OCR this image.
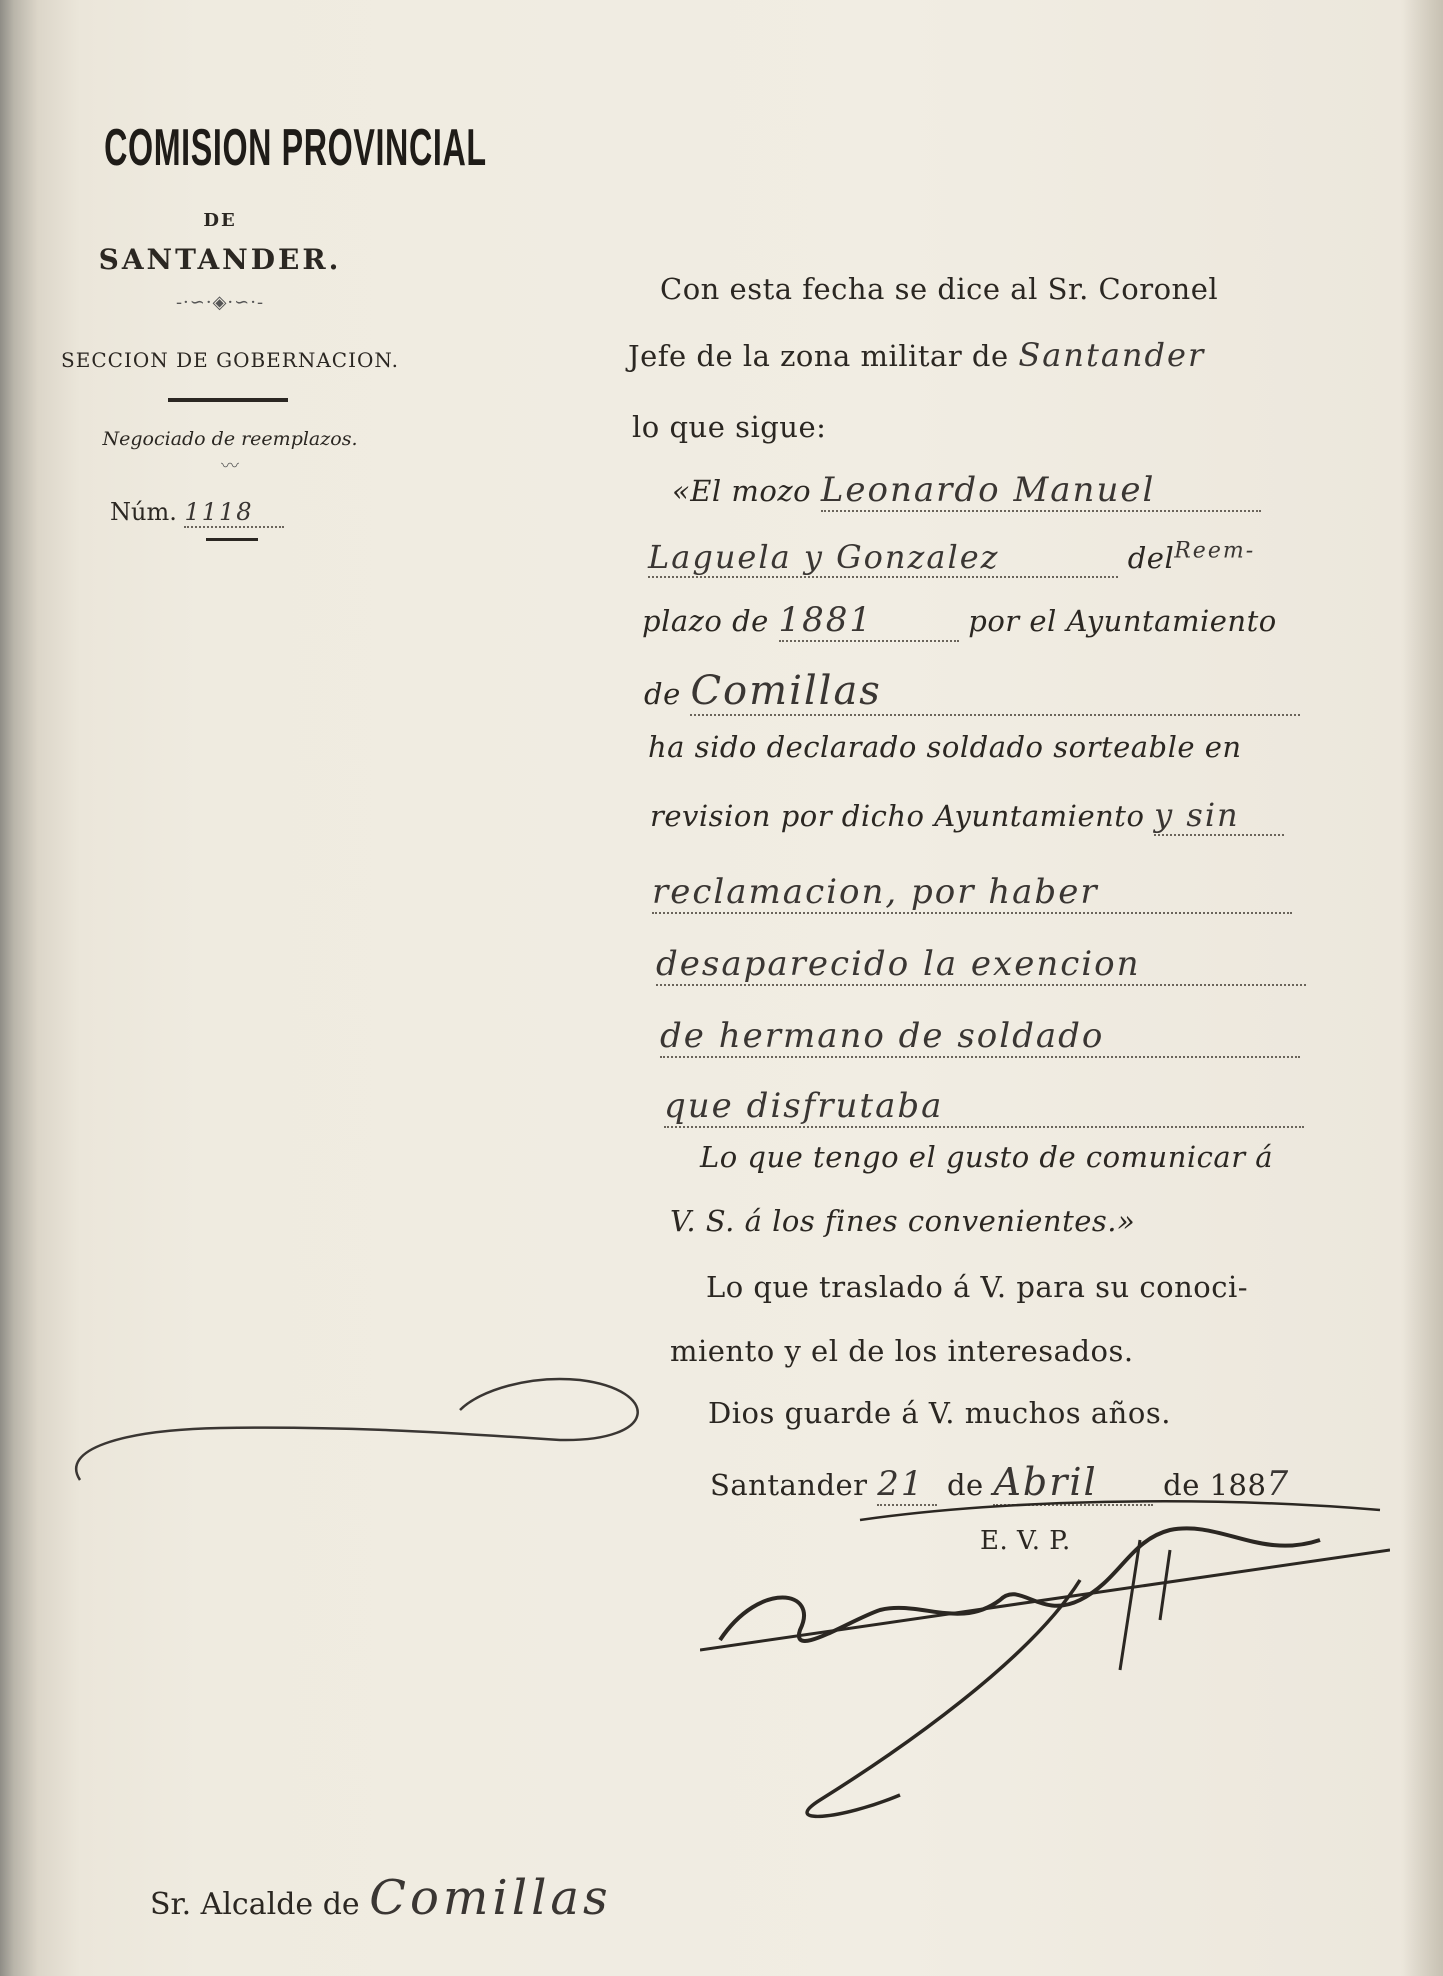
COMISION PROVINCIAL
DE
SANTANDER.
-·∽·◈·∽·-
SECCION DE GOBERNACION.
Negociado de reemplazos.
〰
Núm. 1118
Con esta fecha se dice al Sr. Coronel
Jefe de la zona militar de Santander
lo que sigue:
«El mozo Leonardo Manuel
Laguela y Gonzalez	del$^{Reem-}$
plazo de 1881	por el Ayuntamiento
de Comillas
ha sido declarado soldado sorteable en
revision por dicho Ayuntamiento y sin
reclamacion, por haber
desaparecido la exencion
de hermano de soldado
que disfrutaba
Lo que tengo el gusto de comunicar á
V. S. á los fines convenientes.»
Lo que traslado á V. para su conoci-
miento y el de los interesados.
Dios guarde á V. muchos años.
Santander 21 de Abril de 1887
E. V. P.
Sr. Alcalde de Comillas
